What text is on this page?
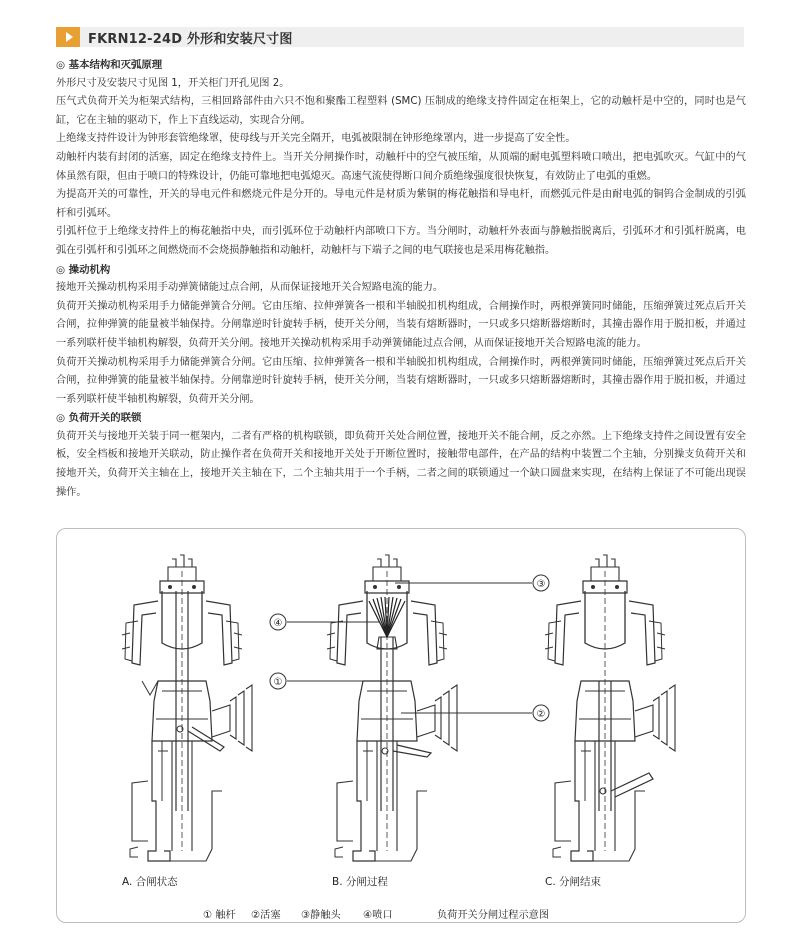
FKRN12-24D 外形和安装尺寸图
◎ 基本结构和灭弧原理
外形尺寸及安装尺寸见图 1，开关柜门开孔见图 2。
压气式负荷开关为柜架式结构，三相回路部件由六只不饱和聚酯工程塑料 (SMC) 压制成的绝缘支持件固定在柜架上，它的动触杆是中空的，同时也是气缸，它在主轴的驱动下，作上下直线运动，实现合分闸。
上绝缘支持件设计为钟形套管绝缘罩，使母线与开关完全隔开，电弧被限制在钟形绝缘罩内，进一步提高了安全性。
动触杆内装有封闭的活塞，固定在绝缘支持件上。当开关分闸操作时，动触杆中的空气被压缩，从顶端的耐电弧塑料喷口喷出，把电弧吹灭。气缸中的气体虽然有限，但由于喷口的特殊设计，仍能可靠地把电弧熄灭。高速气流使得断口间介质绝缘强度很快恢复，有效防止了电弧的重燃。
为提高开关的可靠性，开关的导电元件和燃烧元件是分开的。导电元件是材质为紫铜的梅花触指和导电杆，而燃弧元件是由耐电弧的铜钨合金制成的引弧杆和引弧环。
引弧杆位于上绝缘支持件上的梅花触指中央，而引弧环位于动触杆内部喷口下方。当分闸时，动触杆外表面与静触指脱离后，引弧环才和引弧杆脱离，电弧在引弧杆和引弧环之间燃烧而不会烧损静触指和动触杆，动触杆与下端子之间的电气联接也是采用梅花触指。
◎ 操动机构
接地开关操动机构采用手动弹簧储能过点合闸，从而保证接地开关合短路电流的能力。
负荷开关操动机构采用手力储能弹簧合分闸。它由压缩、拉伸弹簧各一根和半轴脱扣机构组成，合闸操作时，两根弹簧同时储能，压缩弹簧过死点后开关合闸，拉伸弹簧的能量被半轴保持。分闸靠逆时针旋转手柄，使开关分闸，当装有熔断器时，一只或多只熔断器熔断时，其撞击器作用于脱扣板，并通过一系列联杆使半轴机构解裂，负荷开关分闸。接地开关操动机构采用手动弹簧储能过点合闸，从而保证接地开关合短路电流的能力。
负荷开关操动机构采用手力储能弹簧合分闸。它由压缩、拉伸弹簧各一根和半轴脱扣机构组成，合闸操作时，两根弹簧同时储能，压缩弹簧过死点后开关合闸，拉伸弹簧的能量被半轴保持。分闸靠逆时针旋转手柄，使开关分闸，当装有熔断器时，一只或多只熔断器熔断时，其撞击器作用于脱扣板，并通过一系列联杆使半轴机构解裂，负荷开关分闸。
◎ 负荷开关的联锁
负荷开关与接地开关装于同一框架内，二者有严格的机构联锁，即负荷开关处合闸位置，接地开关不能合闸，反之亦然。上下绝缘支持件之间设置有安全板，安全档板和接地开关联动，防止操作者在负荷开关和接地开关处于开断位置时，接触带电部件，在产品的结构中装置二个主轴，分别操支负荷开关和接地开关，负荷开关主轴在上，接地开关主轴在下，二个主轴共用于一个手柄，二者之间的联锁通过一个缺口圆盘来实现，在结构上保证了不可能出现误操作。
③
④
①
②
A. 合闸状态	B. 分闸过程	C. 分闸结束
① 触杆 ②活塞 ③静触头 ④喷口	负荷开关分闸过程示意图
